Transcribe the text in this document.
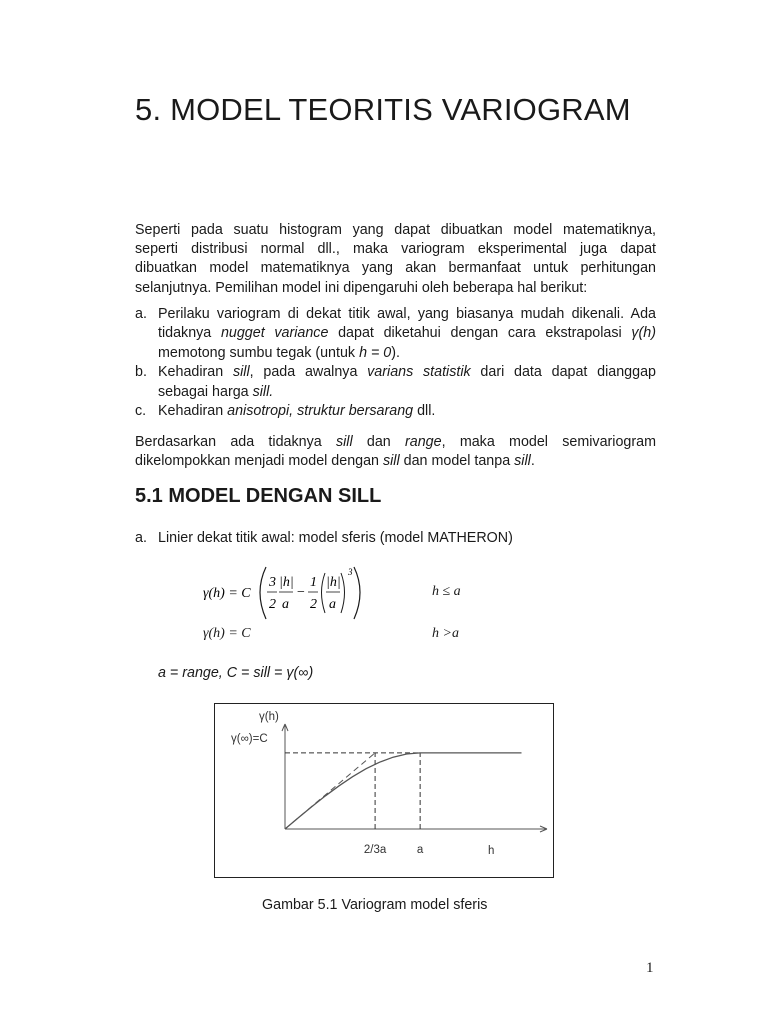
5. MODEL TEORITIS VARIOGRAM
Seperti pada suatu histogram yang dapat dibuatkan model matematiknya,
seperti distribusi normal dll., maka variogram eksperimental juga dapat
dibuatkan model matematiknya yang akan bermanfaat untuk perhitungan
selanjutnya. Pemilihan model ini dipengaruhi oleh beberapa hal berikut:
a. Perilaku variogram di dekat titik awal, yang biasanya mudah dikenali. Ada tidaknya nugget variance dapat diketahui dengan cara ekstrapolasi γ(h) memotong sumbu tegak (untuk h = 0).
b. Kehadiran sill, pada awalnya varians statistik dari data dapat dianggap sebagai harga sill.
c. Kehadiran anisotropi, struktur bersarang dll.
Berdasarkan ada tidaknya sill dan range, maka model semivariogram dikelompokkan menjadi model dengan sill dan model tanpa sill.
5.1 MODEL DENGAN SILL
a. Linier dekat titik awal: model sferis (model MATHERON)
γ(h) = C
3
2
|h|
a
−
1
2
|h|
a
3
h ≤ a
γ(h) = C	h >a
a = range, C = sill = γ(∞)
γ(h)
γ(∞)=C
h
2/3a	a
Gambar 5.1 Variogram model sferis
1
